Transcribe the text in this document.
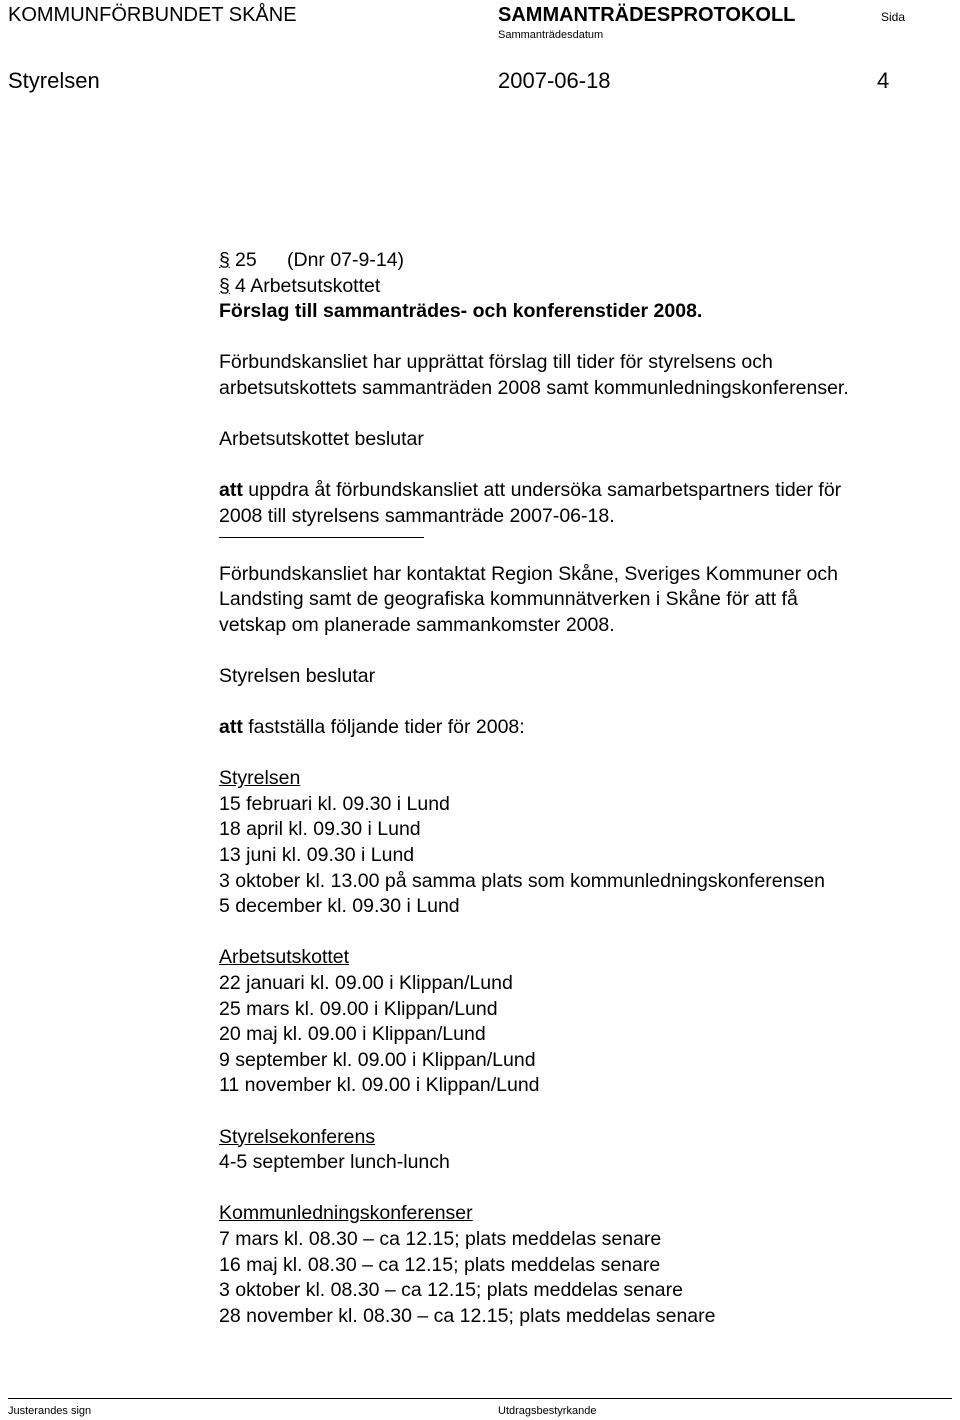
KOMMUNFÖRBUNDET SKÅNE	SAMMANTRÄDESPROTOKOLL
Sammanträdesdatum
Sida
Styrelsen	2007-06-18	4

§ 25 (Dnr 07-9-14)

§ 4 Arbetsutskottet

Förslag till sammanträdes- och konferenstider 2008.

Förbundskansliet har upprättat förslag till tider för styrelsens och

arbetsutskottets sammanträden 2008 samt kommunledningskonferenser.

Arbetsutskottet beslutar

att uppdra åt förbundskansliet att undersöka samarbetspartners tider för

2008 till styrelsens sammanträde 2007-06-18.

Förbundskansliet har kontaktat Region Skåne, Sveriges Kommuner och

Landsting samt de geografiska kommunnätverken i Skåne för att få

vetskap om planerade sammankomster 2008.

Styrelsen beslutar

att fastställa följande tider för 2008:

Styrelsen

15 februari kl. 09.30 i Lund

18 april kl. 09.30 i Lund

13 juni kl. 09.30 i Lund

3 oktober kl. 13.00 på samma plats som kommunledningskonferensen

5 december kl. 09.30 i Lund

Arbetsutskottet

22 januari kl. 09.00 i Klippan/Lund

25 mars kl. 09.00 i Klippan/Lund

20 maj kl. 09.00 i Klippan/Lund

9 september kl. 09.00 i Klippan/Lund

11 november kl. 09.00 i Klippan/Lund

Styrelsekonferens

4-5 september lunch-lunch

Kommunledningskonferenser

7 mars kl. 08.30 – ca 12.15; plats meddelas senare

16 maj kl. 08.30 – ca 12.15; plats meddelas senare

3 oktober kl. 08.30 – ca 12.15; plats meddelas senare

28 november kl. 08.30 – ca 12.15; plats meddelas senare

Justerandes sign	Utdragsbestyrkande
